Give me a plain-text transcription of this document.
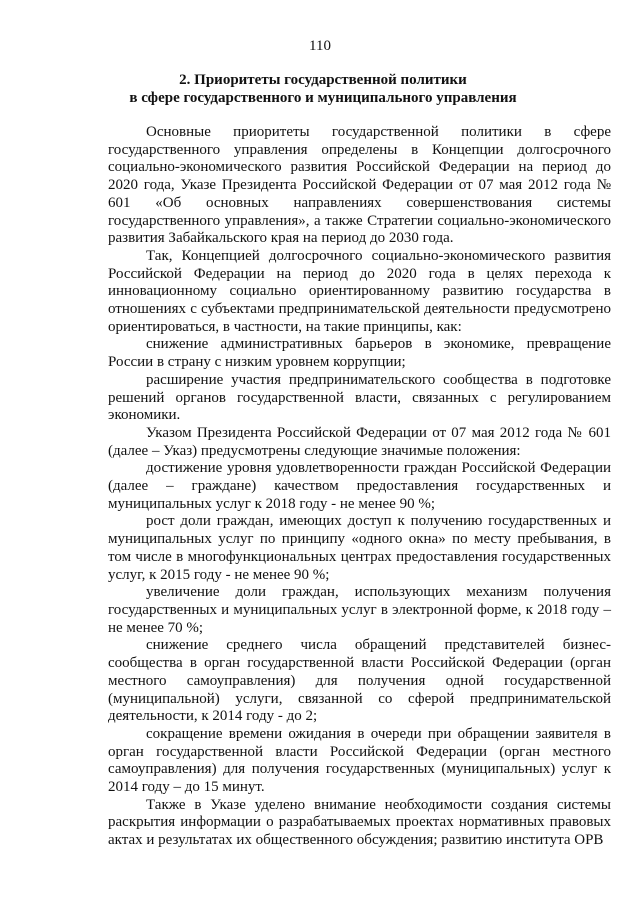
110
2. Приоритеты государственной политики
в сфере государственного и муниципального управления

Основные приоритеты государственной политики в сфере государственного управления определены в Концепции долгосрочного социально-экономического развития Российской Федерации на период до 2020 года, Указе Президента Российской Федерации от 07 мая 2012 года № 601 «Об основных направлениях совершенствования системы государственного управления», а также Стратегии социально-экономического развития Забайкальского края на период до 2030 года.

Так, Концепцией долгосрочного социально-экономического развития Российской Федерации на период до 2020 года в целях перехода к инновационному социально ориентированному развитию государства в отношениях с субъектами предпринимательской деятельности предусмотрено ориентироваться, в частности, на такие принципы, как:

снижение административных барьеров в экономике, превращение России в страну с низким уровнем коррупции;

расширение участия предпринимательского сообщества в подготовке решений органов государственной власти, связанных с регулированием экономики.

Указом Президента Российской Федерации от 07 мая 2012 года № 601 (далее – Указ) предусмотрены следующие значимые положения:

достижение уровня удовлетворенности граждан Российской Федерации (далее – граждане) качеством предоставления государственных и муниципальных услуг к 2018 году - не менее 90 %;

рост доли граждан, имеющих доступ к получению государственных и муниципальных услуг по принципу «одного окна» по месту пребывания, в том числе в многофункциональных центрах предоставления государственных услуг, к 2015 году - не менее 90 %;

увеличение доли граждан, использующих механизм получения государственных и муниципальных услуг в электронной форме, к 2018 году – не менее 70 %;

снижение среднего числа обращений представителей бизнес-сообщества в орган государственной власти Российской Федерации (орган местного самоуправления) для получения одной государственной (муниципальной) услуги, связанной со сферой предпринимательской деятельности, к 2014 году - до 2;

сокращение времени ожидания в очереди при обращении заявителя в орган государственной власти Российской Федерации (орган местного самоуправления) для получения государственных (муниципальных) услуг к 2014 году – до 15 минут.

Также в Указе уделено внимание необходимости создания системы раскрытия информации о разрабатываемых проектах нормативных правовых актах и результатах их общественного обсуждения; развитию института ОРВ
